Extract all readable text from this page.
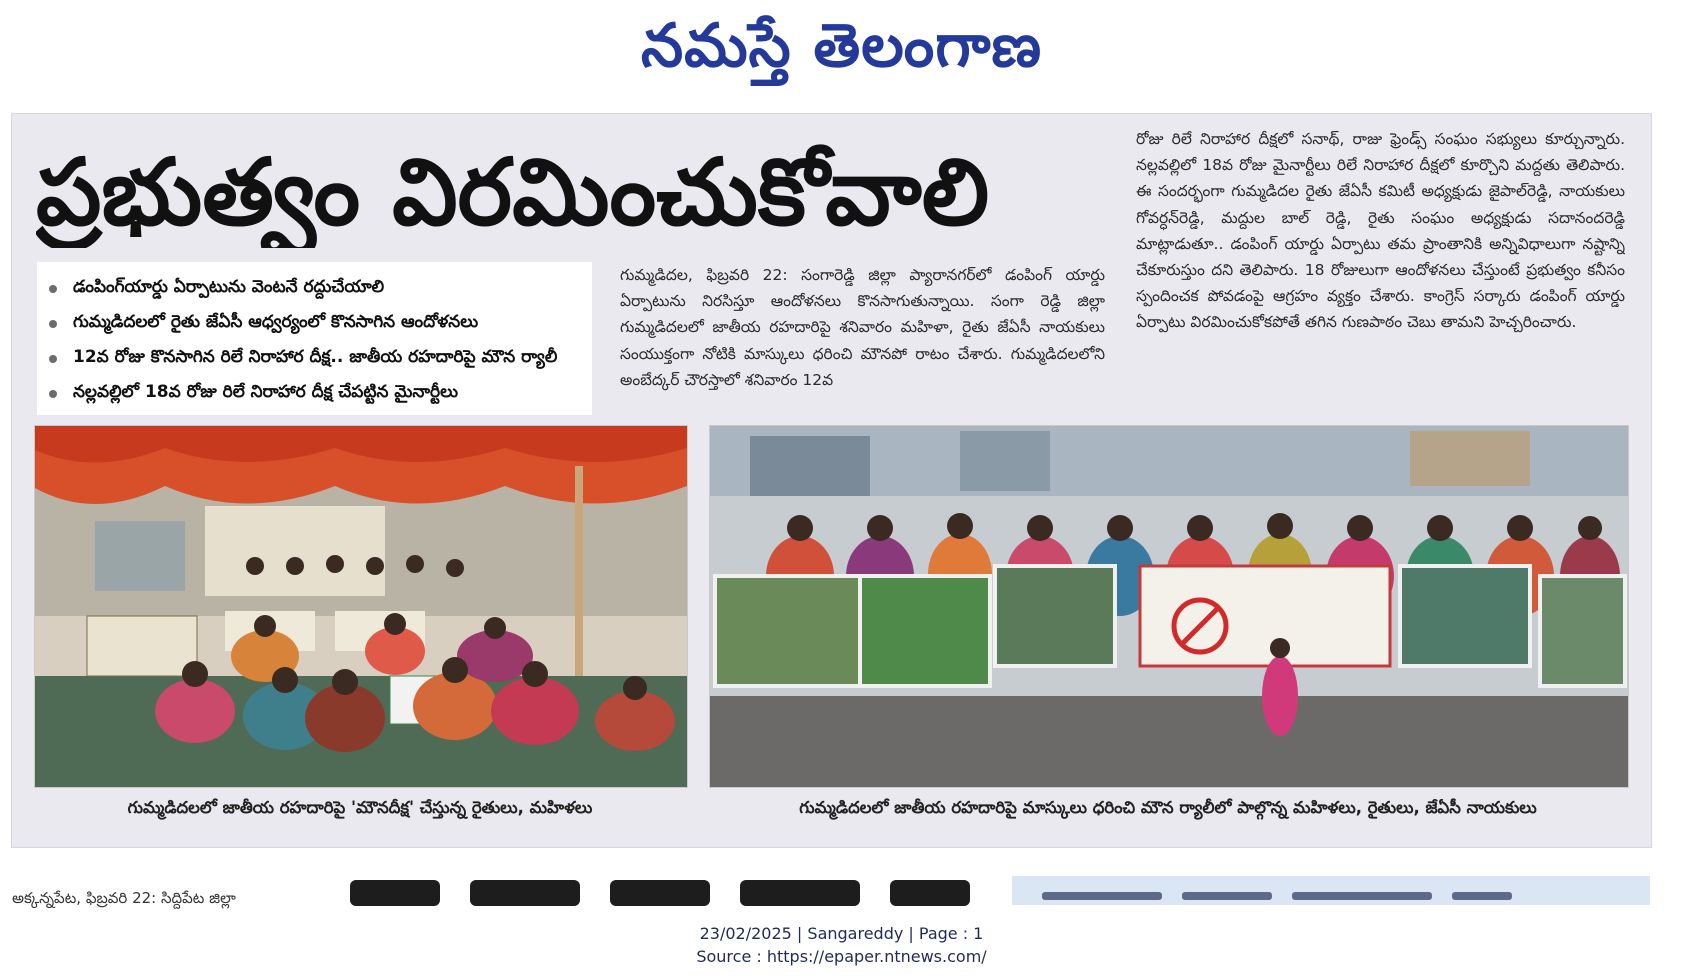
నమస్తే తెలంగాణ
ప్రభుత్వం విరమించుకోవాలి
డంపింగ్‌యార్డు ఏర్పాటును వెంటనే రద్దుచేయాలి
గుమ్మడిదలలో రైతు జేఏసీ ఆధ్వర్యంలో కొనసాగిన ఆందోళనలు
12వ రోజు కొనసాగిన రిలే నిరాహార దీక్ష.. జాతీయ రహదారిపై మౌన ర్యాలీ
నల్లవల్లిలో 18వ రోజు రిలే నిరాహార దీక్ష చేపట్టిన మైనార్టీలు
గుమ్మడిదల, ఫిబ్రవరి 22: సంగారెడ్డి జిల్లా ప్యారానగర్‌లో డంపింగ్ యార్డు ఏర్పాటును నిరసిస్తూ ఆందోళనలు కొనసాగుతున్నాయి. సంగా రెడ్డి జిల్లా గుమ్మడిదలలో జాతీయ రహదారిపై శనివారం మహిళా, రైతు జేఏసీ నాయకులు సంయుక్తంగా నోటికి మాస్కులు ధరించి మౌనపో రాటం చేశారు. గుమ్మడిదలలోని అంబేద్కర్ చౌరస్తాలో శనివారం 12వ
రోజు రిలే నిరాహార దీక్షలో సనాథ్, రాజు ఫ్రెండ్స్ సంఘం సభ్యులు కూర్చున్నారు. నల్లవల్లిలో 18వ రోజు మైనార్టీలు రిలే నిరాహార దీక్షలో కూర్చొని మద్దతు తెలిపారు. ఈ సందర్భంగా గుమ్మడిదల రైతు జేఏసీ కమిటీ అధ్యక్షుడు జైపాల్‌రెడ్డి, నాయకులు గోవర్ధన్‌రెడ్డి, మద్దుల బాల్ రెడ్డి, రైతు సంఘం అధ్యక్షుడు సదానందరెడ్డి మాట్లాడుతూ.. డంపింగ్ యార్డు ఏర్పాటు తమ ప్రాంతానికి అన్నివిధాలుగా నష్టాన్ని చేకూరుస్తుం దని తెలిపారు. 18 రోజులుగా ఆందోళనలు చేస్తుంటే ప్రభుత్వం కనీసం స్పందించక పోవడంపై ఆగ్రహం వ్యక్తం చేశారు. కాంగ్రెస్ సర్కారు డంపింగ్ యార్డు ఏర్పాటు విరమించుకోకపోతే తగిన గుణపాఠం చెబు తామని హెచ్చరించారు.
గుమ్మడిదలలో జాతీయ రహదారిపై 'మౌనదీక్ష' చేస్తున్న రైతులు, మహిళలు	గుమ్మడిదలలో జాతీయ రహదారిపై మాస్కులు ధరించి మౌన ర్యాలీలో పాల్గొన్న మహిళలు, రైతులు, జేఏసీ నాయకులు
అక్కన్నపేట, ఫిబ్రవరి 22: సిద్దిపేట జిల్లా
23/02/2025 | Sangareddy | Page : 1
Source : https://epaper.ntnews.com/
